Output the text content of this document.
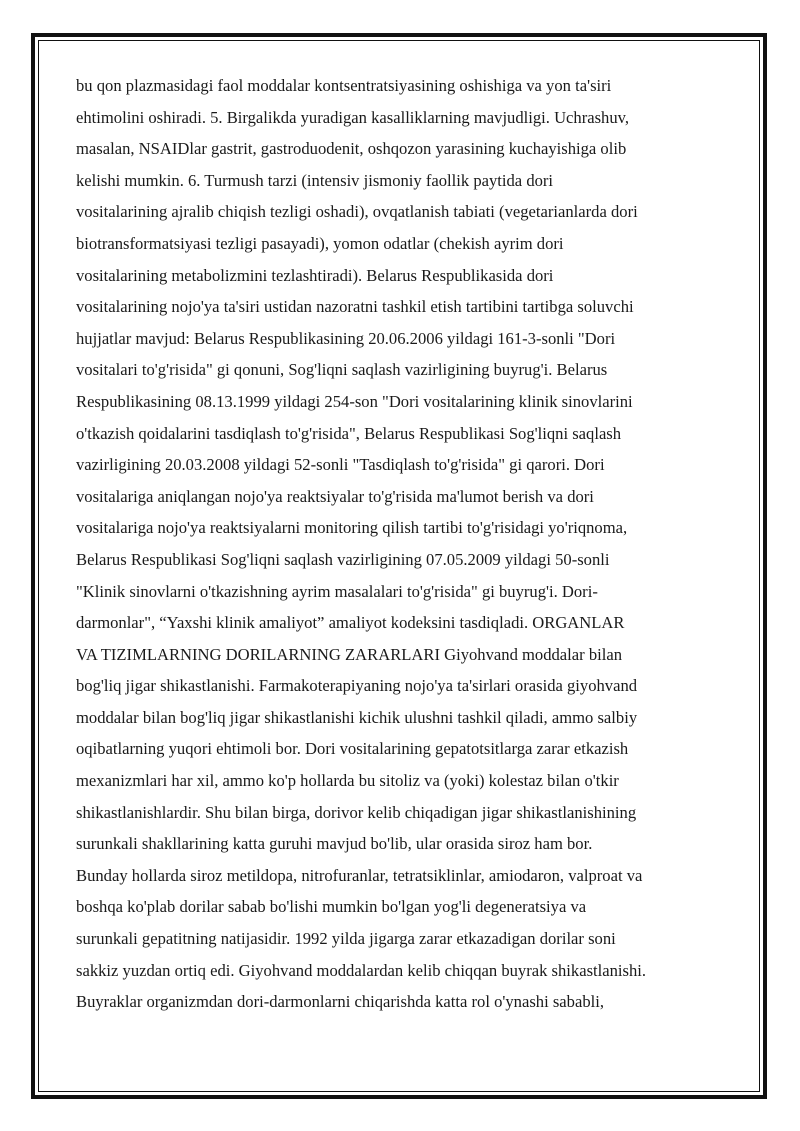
bu qon plazmasidagi faol moddalar kontsentratsiyasining oshishiga va yon ta'siri
ehtimolini oshiradi. 5. Birgalikda yuradigan kasalliklarning mavjudligi. Uchrashuv,
masalan, NSAIDlar gastrit, gastroduodenit, oshqozon yarasining kuchayishiga olib
kelishi mumkin. 6. Turmush tarzi (intensiv jismoniy faollik paytida dori
vositalarining ajralib chiqish tezligi oshadi), ovqatlanish tabiati (vegetarianlarda dori
biotransformatsiyasi tezligi pasayadi), yomon odatlar (chekish ayrim dori
vositalarining metabolizmini tezlashtiradi). Belarus Respublikasida dori
vositalarining nojo'ya ta'siri ustidan nazoratni tashkil etish tartibini tartibga soluvchi
hujjatlar mavjud: Belarus Respublikasining 20.06.2006 yildagi 161-3-sonli "Dori
vositalari to'g'risida" gi qonuni, Sog'liqni saqlash vazirligining buyrug'i. Belarus
Respublikasining 08.13.1999 yildagi 254-son "Dori vositalarining klinik sinovlarini
o'tkazish qoidalarini tasdiqlash to'g'risida", Belarus Respublikasi Sog'liqni saqlash
vazirligining 20.03.2008 yildagi 52-sonli "Tasdiqlash to'g'risida" gi qarori. Dori
vositalariga aniqlangan nojo'ya reaktsiyalar to'g'risida ma'lumot berish va dori
vositalariga nojo'ya reaktsiyalarni monitoring qilish tartibi to'g'risidagi yo'riqnoma,
Belarus Respublikasi Sog'liqni saqlash vazirligining 07.05.2009 yildagi 50-sonli
"Klinik sinovlarni o'tkazishning ayrim masalalari to'g'risida" gi buyrug'i. Dori-
darmonlar", “Yaxshi klinik amaliyot” amaliyot kodeksini tasdiqladi. ORGANLAR
VA TIZIMLARNING DORILARNING ZARARLARI Giyohvand moddalar bilan
bog'liq jigar shikastlanishi. Farmakoterapiyaning nojo'ya ta'sirlari orasida giyohvand
moddalar bilan bog'liq jigar shikastlanishi kichik ulushni tashkil qiladi, ammo salbiy
oqibatlarning yuqori ehtimoli bor. Dori vositalarining gepatotsitlarga zarar etkazish
mexanizmlari har xil, ammo ko'p hollarda bu sitoliz va (yoki) kolestaz bilan o'tkir
shikastlanishlardir. Shu bilan birga, dorivor kelib chiqadigan jigar shikastlanishining
surunkali shakllarining katta guruhi mavjud bo'lib, ular orasida siroz ham bor.
Bunday hollarda siroz metildopa, nitrofuranlar, tetratsiklinlar, amiodaron, valproat va
boshqa ko'plab dorilar sabab bo'lishi mumkin bo'lgan yog'li degeneratsiya va
surunkali gepatitning natijasidir. 1992 yilda jigarga zarar etkazadigan dorilar soni
sakkiz yuzdan ortiq edi. Giyohvand moddalardan kelib chiqqan buyrak shikastlanishi.
Buyraklar organizmdan dori-darmonlarni chiqarishda katta rol o'ynashi sababli,
